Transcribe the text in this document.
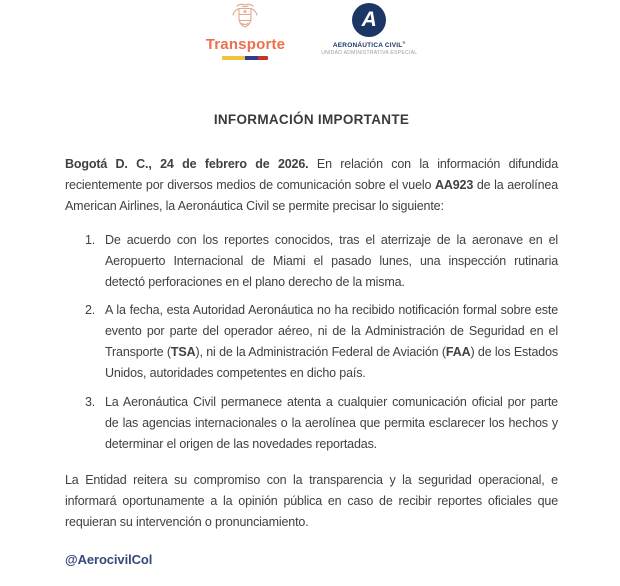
Transporte
A
AERONÁUTICA CIVIL®
UNIDAD ADMINISTRATIVA ESPECIAL
INFORMACIÓN IMPORTANTE

Bogotá D. C., 24 de febrero de 2026. En relación con la información difundida recientemente por diversos medios de comunicación sobre el vuelo AA923 de la aerolínea American Airlines, la Aeronáutica Civil se permite precisar lo siguiente:

1. De acuerdo con los reportes conocidos, tras el aterrizaje de la aeronave en el Aeropuerto Internacional de Miami el pasado lunes, una inspección rutinaria detectó perforaciones en el plano derecho de la misma.
2. A la fecha, esta Autoridad Aeronáutica no ha recibido notificación formal sobre este evento por parte del operador aéreo, ni de la Administración de Seguridad en el Transporte (TSA), ni de la Administración Federal de Aviación (FAA) de los Estados Unidos, autoridades competentes en dicho país.
3. La Aeronáutica Civil permanece atenta a cualquier comunicación oficial por parte de las agencias internacionales o la aerolínea que permita esclarecer los hechos y determinar el origen de las novedades reportadas.

La Entidad reitera su compromiso con la transparencia y la seguridad operacional, e informará oportunamente a la opinión pública en caso de recibir reportes oficiales que requieran su intervención o pronunciamiento.

@AerocivilCol
